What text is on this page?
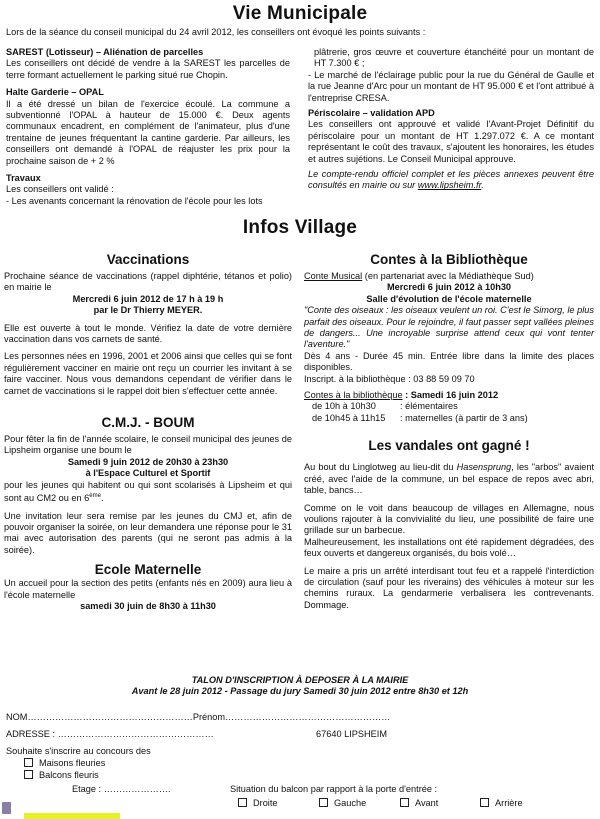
Vie Municipale
Lors de la séance du conseil municipal du 24 avril 2012, les conseillers ont évoqué les points suivants :

SAREST (Lotisseur) – Aliénation de parcelles

Les conseillers ont décidé de vendre à la SAREST les parcelles de terre formant actuellement le parking situé rue Chopin.

Halte Garderie – OPAL

Il a été dressé un bilan de l'exercice écoulé. La commune a subventionné l'OPAL à hauteur de 15.000 €. Deux agents communaux encadrent, en complément de l'animateur, plus d'une trentaine de jeunes fréquentant la cantine garderie. Par ailleurs, les conseillers ont demandé à l'OPAL de réajuster les prix pour la prochaine saison de + 2 %

Travaux

Les conseillers ont validé :

- Les avenants concernant la rénovation de l'école pour les lots

plâtrerie, gros œuvre et couverture étanchéité pour un montant de HT 7.300 € ;

- Le marché de l'éclairage public pour la rue du Général de Gaulle et la rue Jeanne d'Arc pour un montant de HT 95.000 € et l'ont attribué à l'entreprise CRESA.

Périscolaire – validation APD

Les conseillers ont approuvé et validé l'Avant-Projet Définitif du périscolaire pour un montant de HT 1.297.072 €. A ce montant représentant le coût des travaux, s'ajoutent les honoraires, les études et autres sujétions. Le Conseil Municipal approuve.

Le compte-rendu officiel complet et les pièces annexes peuvent être consultés en mairie ou sur www.lipsheim.fr.

Infos Village
Vaccinations

Prochaine séance de vaccinations (rappel diphtérie, tétanos et polio) en mairie le

Mercredi 6 juin 2012 de 17 h à 19 h

par le Dr Thierry MEYER.

Elle est ouverte à tout le monde. Vérifiez la date de votre dernière vaccination dans vos carnets de santé.

Les personnes nées en 1996, 2001 et 2006 ainsi que celles qui se font régulièrement vacciner en mairie ont reçu un courrier les invitant à se faire vacciner. Nous vous demandons cependant de vérifier dans le carnet de vaccinations si le rappel doit bien s'effectuer cette année.

C.M.J. - BOUM

Pour fêter la fin de l'année scolaire, le conseil municipal des jeunes de Lipsheim organise une boum le

Samedi 9 juin 2012 de 20h30 à 23h30

à l'Espace Culturel et Sportif

pour les jeunes qui habitent ou qui sont scolarisés à Lipsheim et qui sont au CM2 ou en 6ème.

Une invitation leur sera remise par les jeunes du CMJ et, afin de pouvoir organiser la soirée, on leur demandera une réponse pour le 31 mai avec autorisation des parents (qui ne seront pas admis à la soirée).

Ecole Maternelle

Un accueil pour la section des petits (enfants nés en 2009) aura lieu à l'école maternelle

samedi 30 juin de 8h30 à 11h30

Contes à la Bibliothèque

Conte Musical (en partenariat avec la Médiathèque Sud)

Mercredi 6 juin 2012 à 10h30

Salle d'évolution de l'école maternelle

"Conte des oiseaux : les oiseaux veulent un roi. C'est le Simorg, le plus parfait des oiseaux. Pour le rejoindre, il faut passer sept vallées pleines de dangers... Une incroyable surprise attend ceux qui vont tenter l'aventure."

Dès 4 ans - Durée 45 min. Entrée libre dans la limite des places disponibles.

Inscript. à la bibliothèque : 03 88 59 09 70

Contes à la bibliothèque : Samedi 16 juin 2012

de 10h à 10h30	: élémentaires

de 10h45 à 11h15 : maternelles (à partir de 3 ans)

Les vandales ont gagné !

Au bout du Linglotweg au lieu-dit du Hasensprung, les "arbos" avaient créé, avec l'aide de la commune, un bel espace de repos avec abri, table, bancs…

Comme on le voit dans beaucoup de villages en Allemagne, nous voulions rajouter à la convivialité du lieu, une possibilité de faire une grillade sur un barbecue.

Malheureusement, les installations ont été rapidement dégradées, des feux ouverts et dangereux organisés, du bois volé…

Le maire a pris un arrêté interdisant tout feu et a rappelé l'interdiction de circulation (sauf pour les riverains) des véhicules à moteur sur les chemins ruraux. La gendarmerie verbalisera les contrevenants. Dommage.

TALON D'INSCRIPTION À DEPOSER À LA MAIRIE
Avant le 28 juin 2012 - Passage du jury Samedi 30 juin 2012 entre 8h30 et 12h
NOM………………………………………………Prénom………………………………………………
ADRESSE : ……………………………………………	67640 LIPSHEIM
Souhaite s'inscrire au concours des
Maisons fleuries
Balcons fleuris
Etage : ………………….	Situation du balcon par rapport à la porte d'entrée :
Droite	Gauche	Avant	Arrière
